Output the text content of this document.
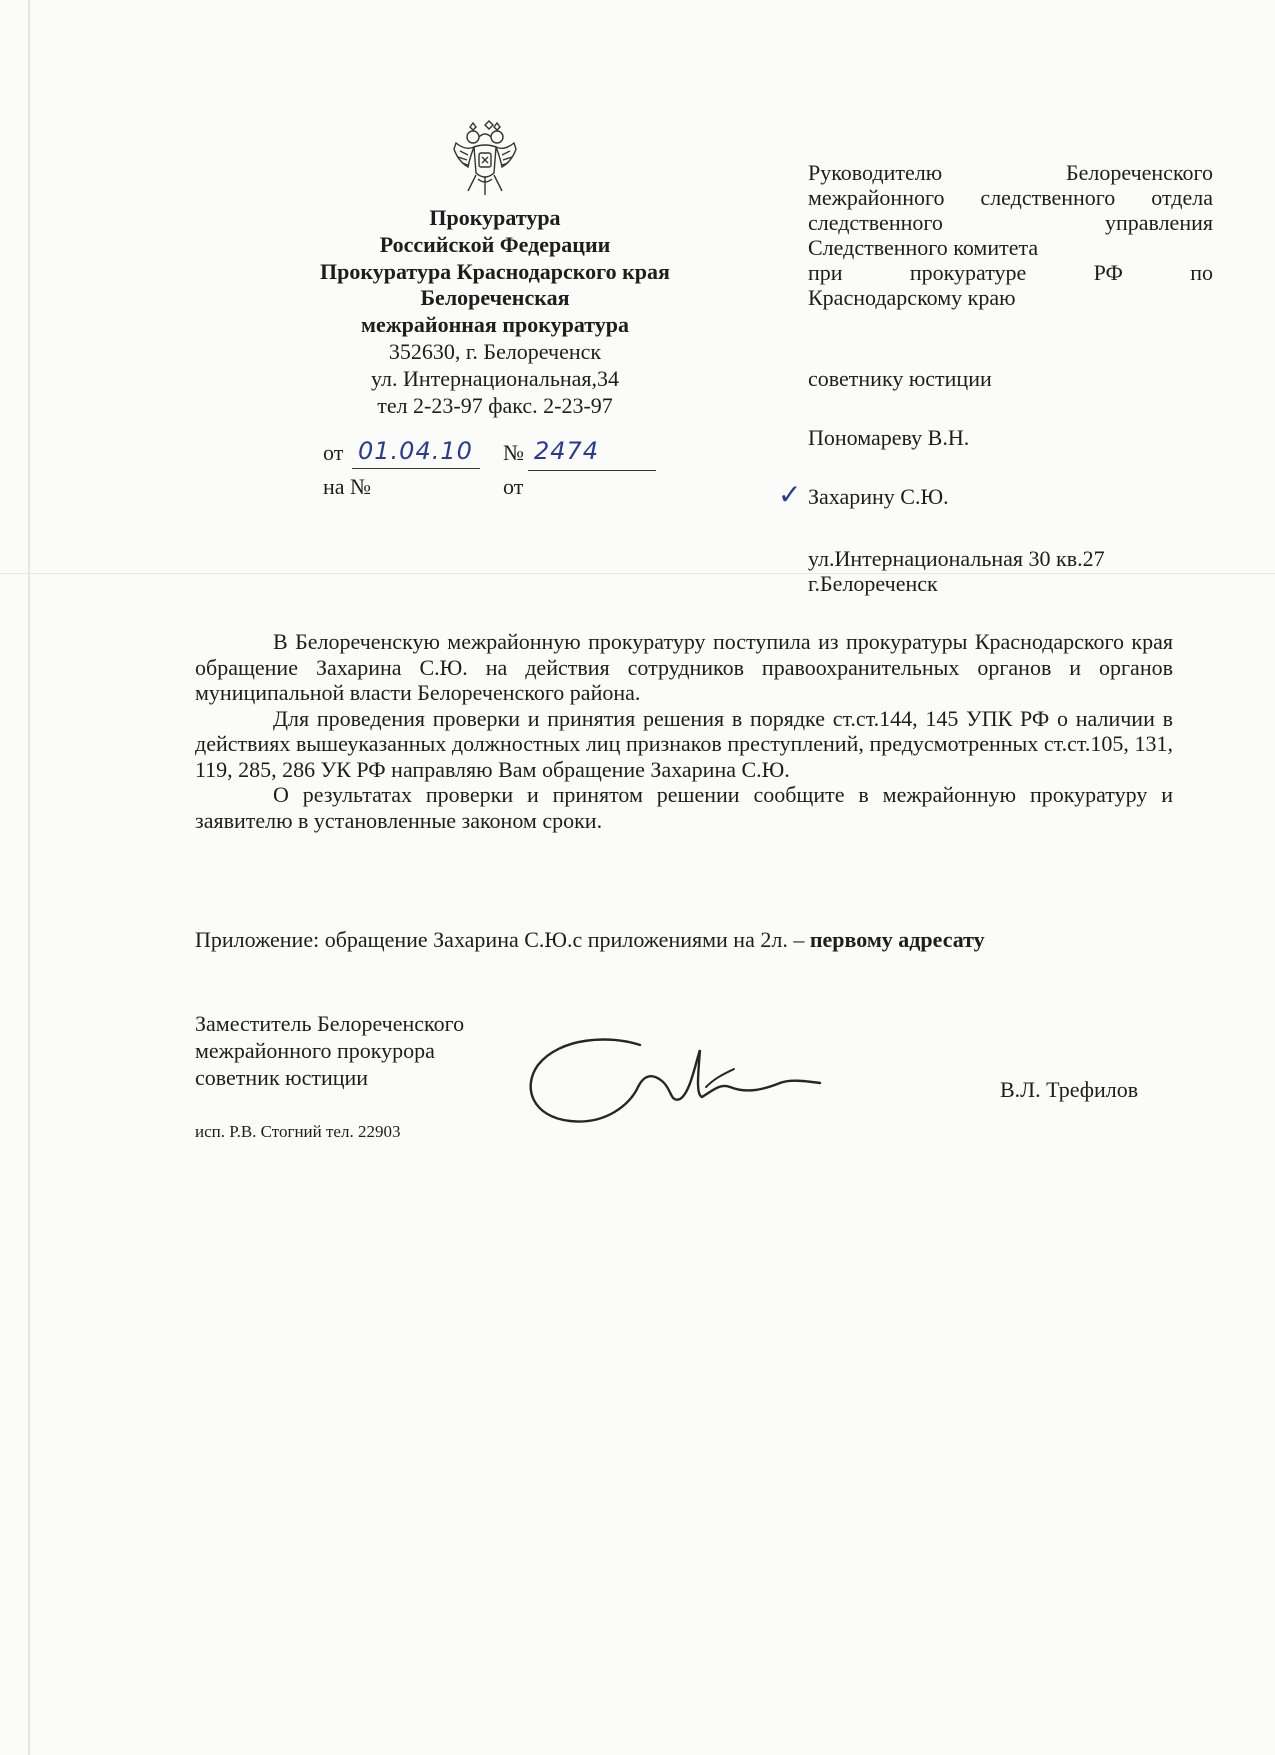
Прокуратура
Российской Федерации
Прокуратура Краснодарского края
Белореченская
межрайонная прокуратура
352630, г. Белореченск
ул. Интернациональная,34
тел 2-23-97 факс. 2-23-97
от 01.04.10 № 2474
на №	от
Руководителю Белореченского
межрайонного следственного отдела
следственного управления
Следственного комитета
при прокуратуре РФ по
Краснодарскому краю
советнику юстиции
Пономареву В.Н.
✓ Захарину С.Ю.
ул.Интернациональная 30 кв.27
г.Белореченск

В Белореченскую межрайонную прокуратуру поступила из прокуратуры Краснодарского края обращение Захарина С.Ю. на действия сотрудников правоохранительных органов и органов муниципальной власти Белореченского района.

Для проведения проверки и принятия решения в порядке ст.ст.144, 145 УПК РФ о наличии в действиях вышеуказанных должностных лиц признаков преступлений, предусмотренных ст.ст.105, 131, 119, 285, 286 УК РФ направляю Вам обращение Захарина С.Ю.

О результатах проверки и принятом решении сообщите в межрайонную прокуратуру и заявителю в установленные законом сроки.

Приложение: обращение Захарина С.Ю.с приложениями на 2л. – первому адресату
Заместитель Белореченского
межрайонного прокурора
советник юстиции	В.Л. Трефилов
исп. Р.В. Стогний тел. 22903
